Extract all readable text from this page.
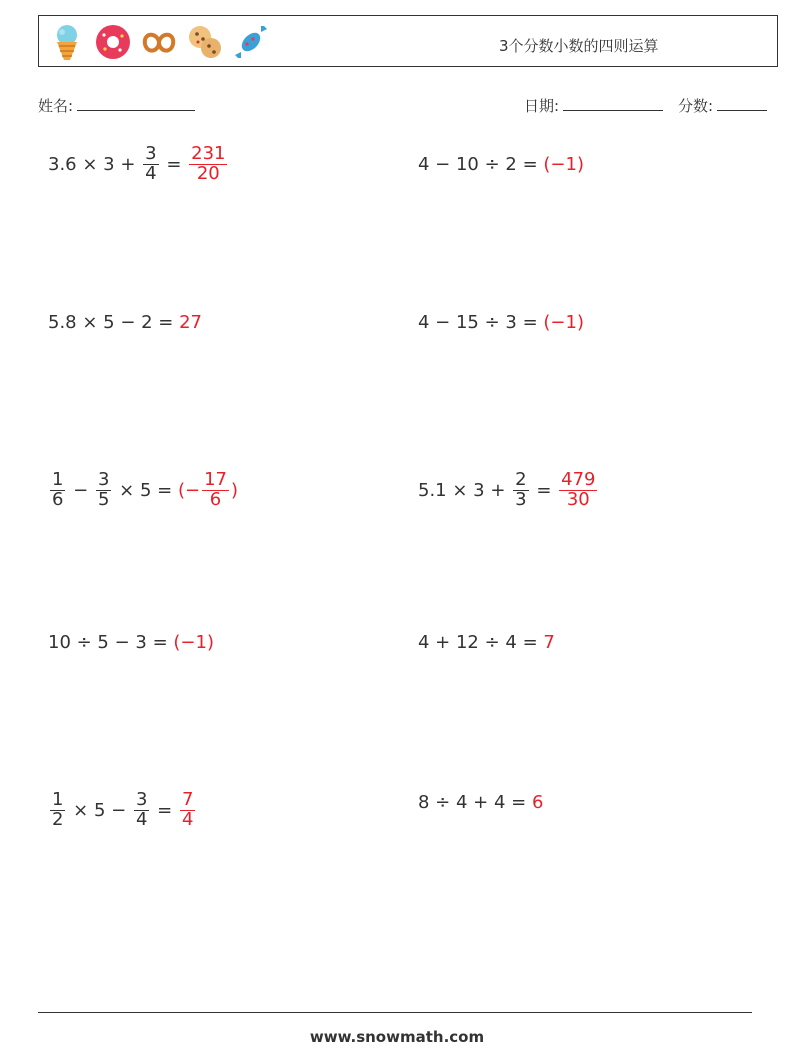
3个分数小数的四则运算
姓名:	日期:	分数:
$3.6 \times 3 + \frac{3}{4} = \frac{231}{20}$	4 − 10 ÷ 2 = (−1)
5.8 × 5 − 2 = 27	4 − 15 ÷ 3 = (−1)
$\frac{1}{6} - \frac{3}{5} \times 5$ = (− $\frac{17}{6}$ )	$5.1 \times 3 + \frac{2}{3} = \frac{479}{30}$
10 ÷ 5 − 3 = (−1)	4 + 12 ÷ 4 = 7
$\frac{1}{2} \times 5 - \frac{3}{4} = \frac{7}{4}$	8 ÷ 4 + 4 = 6
www.snowmath.com
